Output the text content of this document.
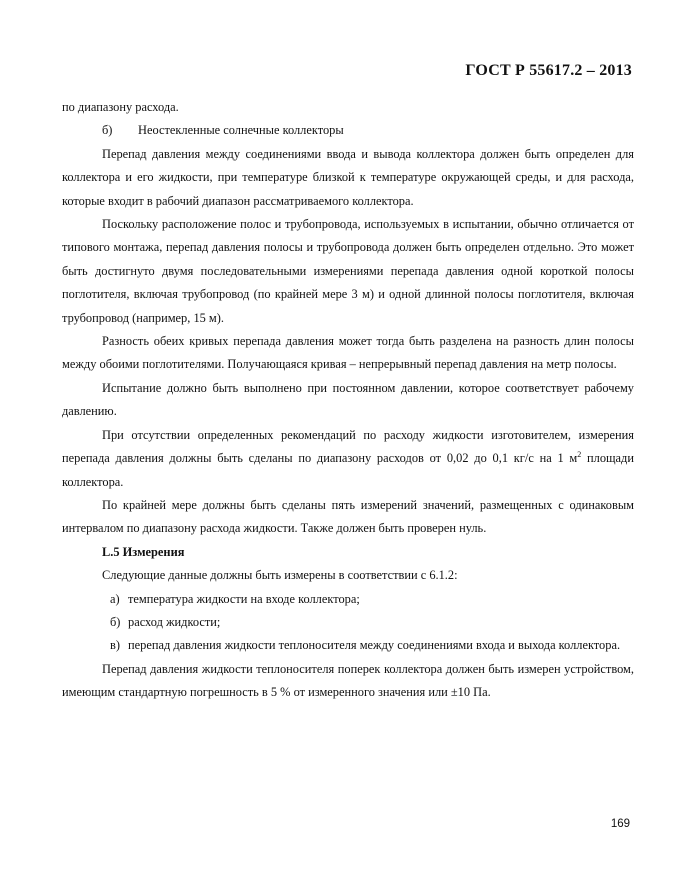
ГОСТ Р 55617.2 – 2013

по диапазону расхода.

б)	Неостекленные солнечные коллекторы

Перепад давления между соединениями ввода и вывода коллектора должен быть определен для коллектора и его жидкости, при температуре близкой к температуре окружающей среды, и для расхода, которые входит в рабочий диапазон рассматриваемого коллектора.

Поскольку расположение полос и трубопровода, используемых в испытании, обычно отличается от типового монтажа, перепад давления полосы и трубопровода должен быть определен отдельно. Это может быть достигнуто двумя последовательными измерениями перепада давления одной короткой полосы поглотителя, включая трубопровод (по крайней мере 3 м) и одной длинной полосы поглотителя, включая трубопровод (например, 15 м).

Разность обеих кривых перепада давления может тогда быть разделена на разность длин полосы между обоими поглотителями. Получающаяся кривая – непрерывный перепад давления на метр полосы.

Испытание должно быть выполнено при постоянном давлении, которое соответствует рабочему давлению.

При отсутствии определенных рекомендаций по расходу жидкости изготовителем, измерения перепада давления должны быть сделаны по диапазону расходов от 0,02 до 0,1 кг/с на 1 $м^2$ площади коллектора.

По крайней мере должны быть сделаны пять измерений значений, размещенных с одинаковым интервалом по диапазону расхода жидкости. Также должен быть проверен нуль.

L.5 Измерения

Следующие данные должны быть измерены в соответствии с 6.1.2:

а) температура жидкости на входе коллектора;
б) расход жидкости;
в) перепад давления жидкости теплоносителя между соединениями входа и выхода коллектора.

Перепад давления жидкости теплоносителя поперек коллектора должен быть измерен устройством, имеющим стандартную погрешность в 5 % от измеренного значения или ±10 Па.

169
